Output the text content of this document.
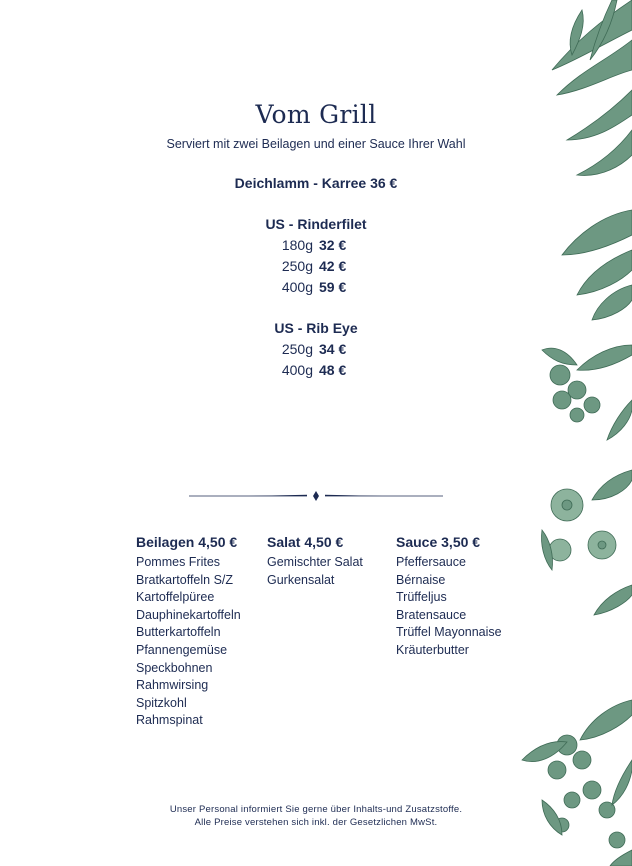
Vom Grill
Serviert mit zwei Beilagen und einer Sauce Ihrer Wahl
Deichlamm - Karree 36 €
US - Rinderfilet
180g 32 €
250g 42 €
400g 59 €
US - Rib Eye
250g 34 €
400g 48 €
Beilagen 4,50 €
Pommes Frites
Bratkartoffeln S/Z
Kartoffelpüree
Dauphinekartoffeln
Butterkartoffeln
Pfannengemüse
Speckbohnen
Rahmwirsing
Spitzkohl
Rahmspinat
Salat 4,50 €
Gemischter Salat
Gurkensalat
Sauce 3,50 €
Pfeffersauce
Bérnaise
Trüffeljus
Bratensauce
Trüffel Mayonnaise
Kräuterbutter
Unser Personal informiert Sie gerne über Inhalts-und Zusatzstoffe.
Alle Preise verstehen sich inkl. der Gesetzlichen MwSt.
